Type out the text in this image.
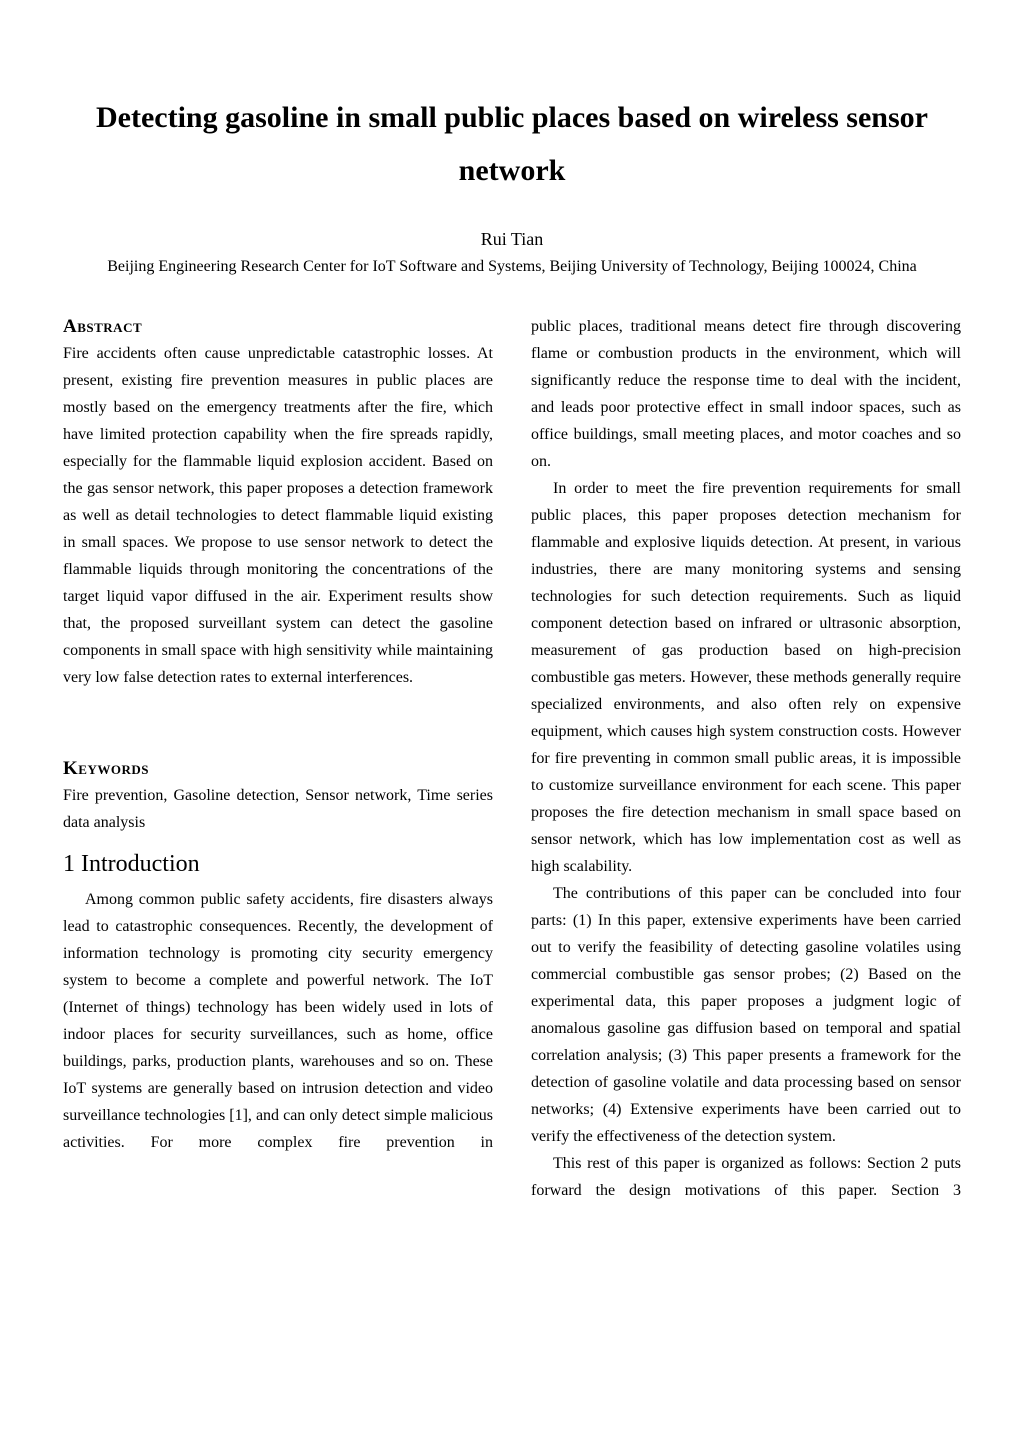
Detecting gasoline in small public places based on wireless sensor network
Rui Tian
Beijing Engineering Research Center for IoT Software and Systems, Beijing University of Technology, Beijing 100024, China
Abstract

Fire accidents often cause unpredictable catastrophic losses. At present, existing fire prevention measures in public places are mostly based on the emergency treatments after the fire, which have limited protection capability when the fire spreads rapidly, especially for the flammable liquid explosion accident. Based on the gas sensor network, this paper proposes a detection framework as well as detail technologies to detect flammable liquid existing in small spaces. We propose to use sensor network to detect the flammable liquids through monitoring the concentrations of the target liquid vapor diffused in the air. Experiment results show that, the proposed surveillant system can detect the gasoline components in small space with high sensitivity while maintaining very low false detection rates to external interferences.

Keywords

Fire prevention, Gasoline detection, Sensor network, Time series data analysis

1 Introduction

Among common public safety accidents, fire disasters always lead to catastrophic consequences. Recently, the development of information technology is promoting city security emergency system to become a complete and powerful network. The IoT (Internet of things) technology has been widely used in lots of indoor places for security surveillances, such as home, office buildings, parks, production plants, warehouses and so on. These IoT systems are generally based on intrusion detection and video surveillance technologies [1], and can only detect simple malicious activities. For more complex fire prevention in

public places, traditional means detect fire through discovering flame or combustion products in the environment, which will significantly reduce the response time to deal with the incident, and leads poor protective effect in small indoor spaces, such as office buildings, small meeting places, and motor coaches and so on.

In order to meet the fire prevention requirements for small public places, this paper proposes detection mechanism for flammable and explosive liquids detection. At present, in various industries, there are many monitoring systems and sensing technologies for such detection requirements. Such as liquid component detection based on infrared or ultrasonic absorption, measurement of gas production based on high-precision combustible gas meters. However, these methods generally require specialized environments, and also often rely on expensive equipment, which causes high system construction costs. However for fire preventing in common small public areas, it is impossible to customize surveillance environment for each scene. This paper proposes the fire detection mechanism in small space based on sensor network, which has low implementation cost as well as high scalability.

The contributions of this paper can be concluded into four parts: (1) In this paper, extensive experiments have been carried out to verify the feasibility of detecting gasoline volatiles using commercial combustible gas sensor probes; (2) Based on the experimental data, this paper proposes a judgment logic of anomalous gasoline gas diffusion based on temporal and spatial correlation analysis; (3) This paper presents a framework for the detection of gasoline volatile and data processing based on sensor networks; (4) Extensive experiments have been carried out to verify the effectiveness of the detection system.

This rest of this paper is organized as follows: Section 2 puts forward the design motivations of this paper. Section 3
